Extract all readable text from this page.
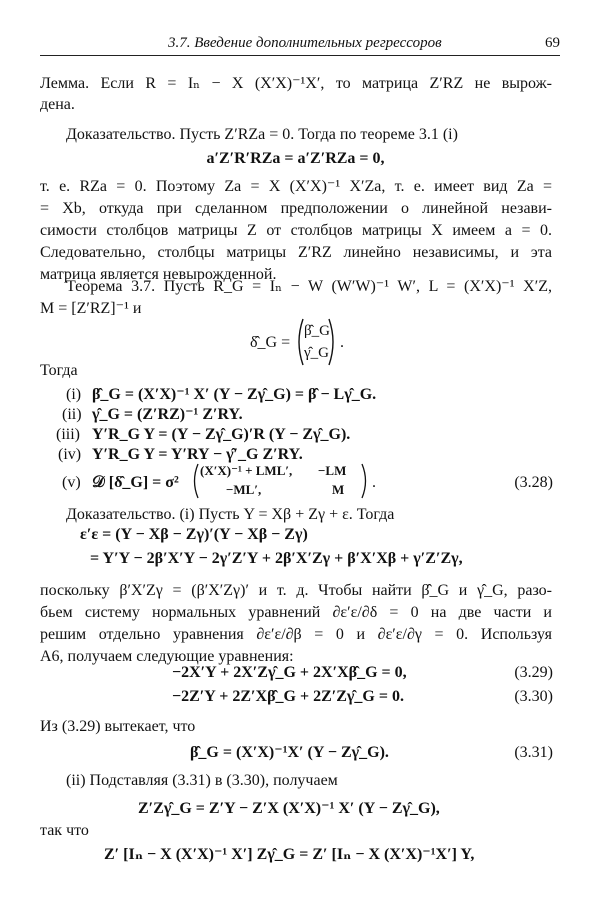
3.7. Введение дополнительных регрессоров	69
Лемма. Если R = Iₙ − X (X′X)⁻¹X′, то матрица Z′RZ не вырож-
дена.
Доказательство. Пусть Z′RZa = 0. Тогда по теореме 3.1 (i)
a′Z′R′RZa = a′Z′RZa = 0,
т. е. RZa = 0. Поэтому Za = X (X′X)⁻¹ X′Za, т. е. имеет вид Za =
= Xb, откуда при сделанном предположении о линейной незави-
симости столбцов матрицы Z от столбцов матрицы X имеем a = 0.
Следовательно, столбцы матрицы Z′RZ линейно независимы, и эта
матрица является невырожденной.
Теорема 3.7. Пусть R_G = Iₙ − W (W′W)⁻¹ W′, L = (X′X)⁻¹ X′Z,
M = [Z′RZ]⁻¹ и
δ̂_G =
β̂_G
γ̂_G
.
Тогда
(i) β̂_G = (X′X)⁻¹ X′ (Y − Zγ̂_G) = β̂ − Lγ̂_G.
(ii) γ̂_G = (Z′RZ)⁻¹ Z′RY.
(iii) Y′R_G Y = (Y − Zγ̂_G)′R (Y − Zγ̂_G).
(iv) Y′R_G Y = Y′RY − γ̂′_G Z′RY.
(v) 𝒟 [δ̂_G] = σ²
(X′X)⁻¹ + LML′, −LM
−ML′,	M .	(3.28)
Доказательство. (i) Пусть Y = Xβ + Zγ + ε. Тогда
ε′ε = (Y − Xβ − Zγ)′(Y − Xβ − Zγ)
= Y′Y − 2β′X′Y − 2γ′Z′Y + 2β′X′Zγ + β′X′Xβ + γ′Z′Zγ,
поскольку β′X′Zγ = (β′X′Zγ)′ и т. д. Чтобы найти β̂_G и γ̂_G, разо-
бьем систему нормальных уравнений ∂ε′ε/∂δ = 0 на две части и
решим отдельно уравнения ∂ε′ε/∂β = 0 и ∂ε′ε/∂γ = 0. Используя
A6, получаем следующие уравнения:
−2X′Y + 2X′Zγ̂_G + 2X′Xβ̂_G = 0,	(3.29)
−2Z′Y + 2Z′Xβ̂_G + 2Z′Zγ̂_G = 0.	(3.30)
Из (3.29) вытекает, что
β̂_G = (X′X)⁻¹X′ (Y − Zγ̂_G).	(3.31)
(ii) Подставляя (3.31) в (3.30), получаем
Z′Zγ̂_G = Z′Y − Z′X (X′X)⁻¹ X′ (Y − Zγ̂_G),
так что
Z′ [Iₙ − X (X′X)⁻¹ X′] Zγ̂_G = Z′ [Iₙ − X (X′X)⁻¹X′] Y,
